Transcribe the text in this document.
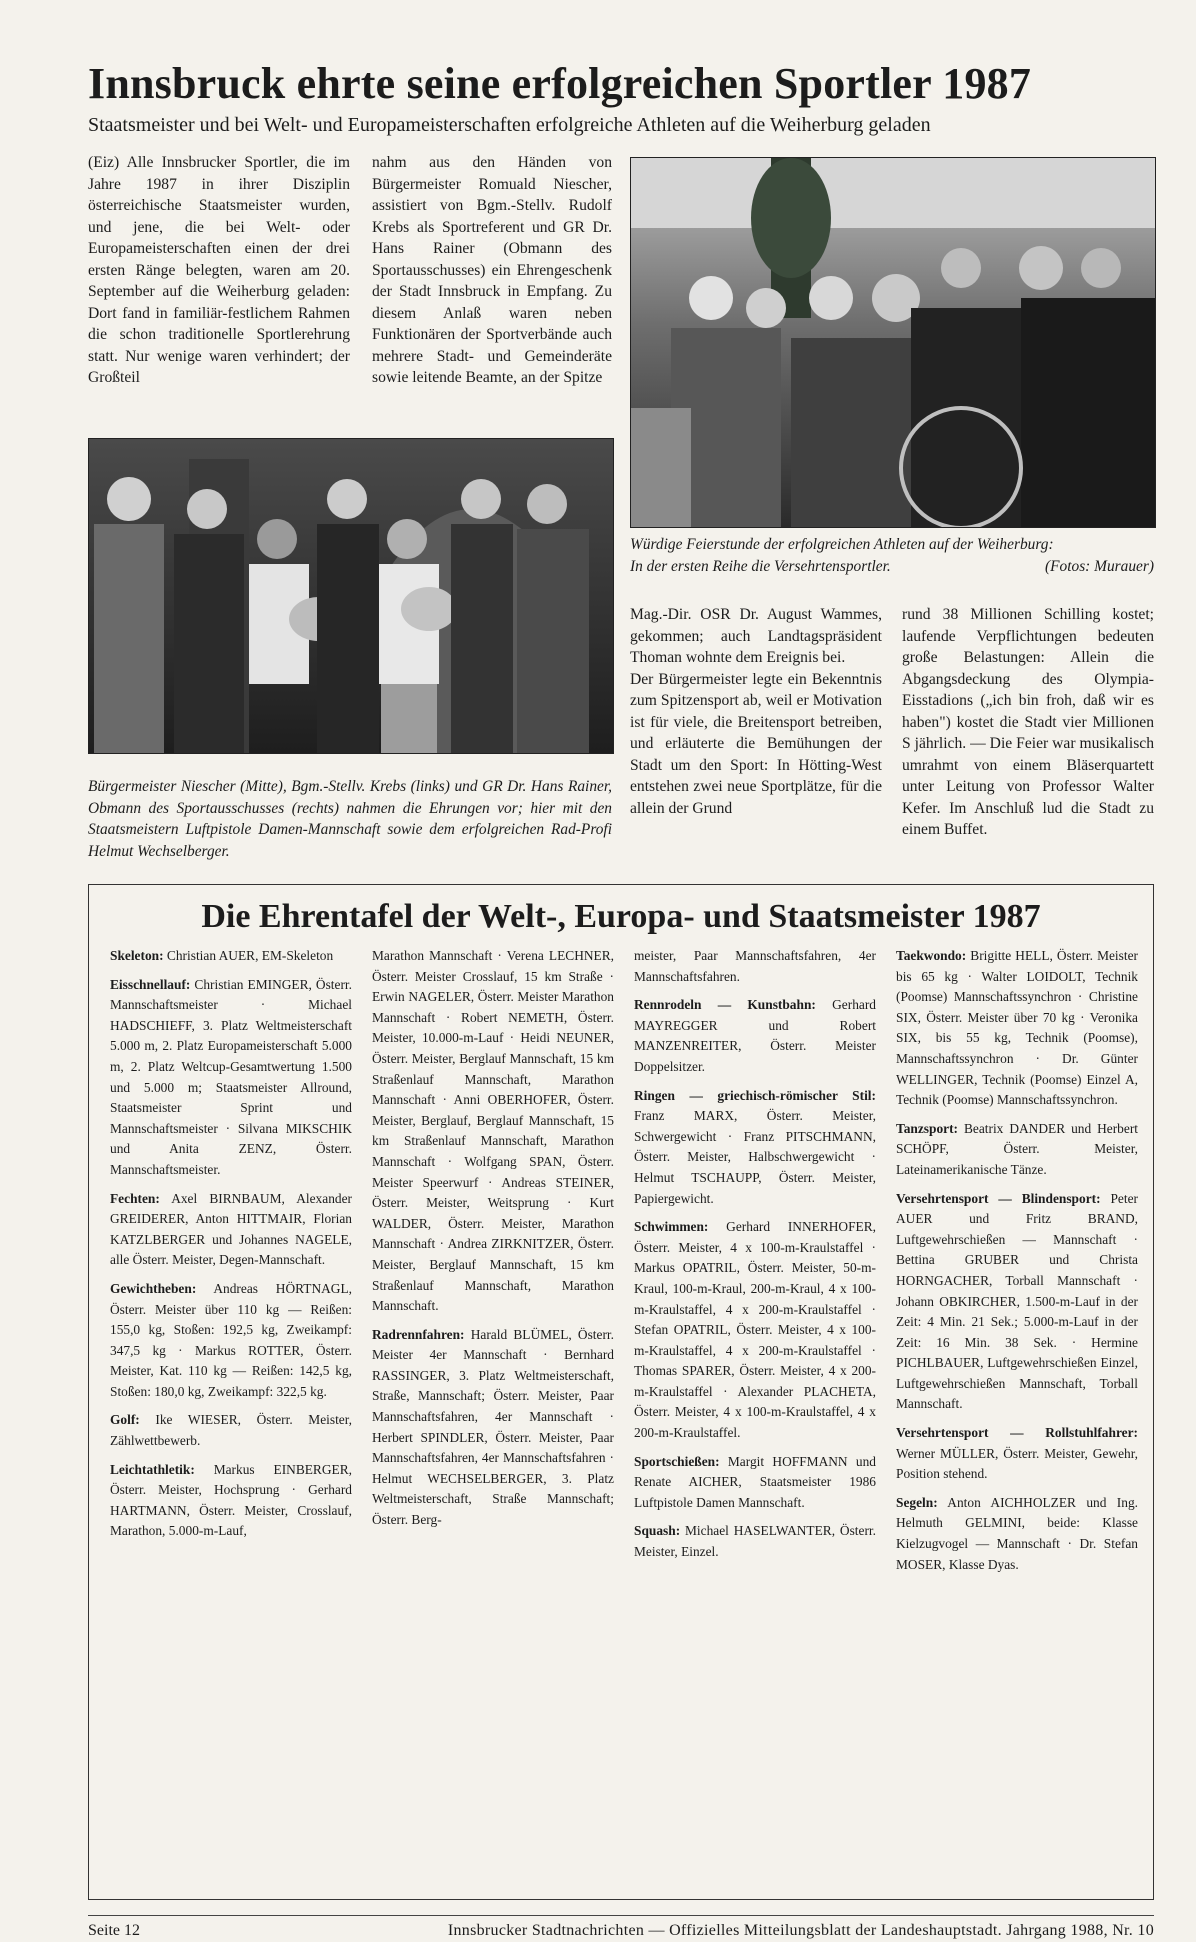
Innsbruck ehrte seine erfolgreichen Sportler 1987
Staatsmeister und bei Welt- und Europameisterschaften erfolgreiche Athleten auf die Weiherburg geladen

(Eiz) Alle Innsbrucker Sportler, die im Jahre 1987 in ihrer Disziplin österreichische Staatsmeister wurden, und jene, die bei Welt- oder Europameisterschaften einen der drei ersten Ränge belegten, waren am 20. September auf die Weiherburg geladen: Dort fand in familiär-festlichem Rahmen die schon traditionelle Sportlerehrung statt. Nur wenige waren verhindert; der Großteil

nahm aus den Händen von Bürgermeister Romuald Niescher, assistiert von Bgm.-Stellv. Rudolf Krebs als Sportreferent und GR Dr. Hans Rainer (Obmann des Sportausschusses) ein Ehrengeschenk der Stadt Innsbruck in Empfang. Zu diesem Anlaß waren neben Funktionären der Sportverbände auch mehrere Stadt- und Gemeinderäte sowie leitende Beamte, an der Spitze

Würdige Feierstunde der erfolgreichen Athleten auf der Weiherburg:
In der ersten Reihe die Versehrtensportler.	(Fotos: Murauer)
Bürgermeister Niescher (Mitte), Bgm.-Stellv. Krebs (links) und GR Dr. Hans Rainer, Obmann des Sportausschusses (rechts) nahmen die Ehrungen vor; hier mit den Staatsmeistern Luftpistole Damen-Mannschaft sowie dem erfolgreichen Rad-Profi Helmut Wechselberger.

Mag.-Dir. OSR Dr. August Wammes, gekommen; auch Landtagspräsident Thoman wohnte dem Ereignis bei.

Der Bürgermeister legte ein Bekenntnis zum Spitzensport ab, weil er Motivation ist für viele, die Breitensport betreiben, und erläuterte die Bemühungen der Stadt um den Sport: In Hötting-West entstehen zwei neue Sportplätze, für die allein der Grund

rund 38 Millionen Schilling kostet; laufende Verpflichtungen bedeuten große Belastungen: Allein die Abgangsdeckung des Olympia-Eisstadions („ich bin froh, daß wir es haben") kostet die Stadt vier Millionen S jährlich. — Die Feier war musikalisch umrahmt von einem Bläserquartett unter Leitung von Professor Walter Kefer. Im Anschluß lud die Stadt zu einem Buffet.

Die Ehrentafel der Welt-, Europa- und Staatsmeister 1987

Skeleton: Christian AUER, EM-Skeleton

Eisschnellauf: Christian EMINGER, Österr. Mannschaftsmeister · Michael HADSCHIEFF, 3. Platz Weltmeisterschaft 5.000 m, 2. Platz Europameisterschaft 5.000 m, 2. Platz Weltcup-Gesamtwertung 1.500 und 5.000 m; Staatsmeister Allround, Staatsmeister Sprint und Mannschaftsmeister · Silvana MIKSCHIK und Anita ZENZ, Österr. Mannschaftsmeister.

Fechten: Axel BIRNBAUM, Alexander GREIDERER, Anton HITTMAIR, Florian KATZLBERGER und Johannes NAGELE, alle Österr. Meister, Degen-Mannschaft.

Gewichtheben: Andreas HÖRTNAGL, Österr. Meister über 110 kg — Reißen: 155,0 kg, Stoßen: 192,5 kg, Zweikampf: 347,5 kg · Markus ROTTER, Österr. Meister, Kat. 110 kg — Reißen: 142,5 kg, Stoßen: 180,0 kg, Zweikampf: 322,5 kg.

Golf: Ike WIESER, Österr. Meister, Zählwettbewerb.

Leichtathletik: Markus EINBERGER, Österr. Meister, Hochsprung · Gerhard HARTMANN, Österr. Meister, Crosslauf, Marathon, 5.000-m-Lauf,

Marathon Mannschaft · Verena LECHNER, Österr. Meister Crosslauf, 15 km Straße · Erwin NAGELER, Österr. Meister Marathon Mannschaft · Robert NEMETH, Österr. Meister, 10.000-m-Lauf · Heidi NEUNER, Österr. Meister, Berglauf Mannschaft, 15 km Straßenlauf Mannschaft, Marathon Mannschaft · Anni OBERHOFER, Österr. Meister, Berglauf, Berglauf Mannschaft, 15 km Straßenlauf Mannschaft, Marathon Mannschaft · Wolfgang SPAN, Österr. Meister Speerwurf · Andreas STEINER, Österr. Meister, Weitsprung · Kurt WALDER, Österr. Meister, Marathon Mannschaft · Andrea ZIRKNITZER, Österr. Meister, Berglauf Mannschaft, 15 km Straßenlauf Mannschaft, Marathon Mannschaft.

Radrennfahren: Harald BLÜMEL, Österr. Meister 4er Mannschaft · Bernhard RASSINGER, 3. Platz Weltmeisterschaft, Straße, Mannschaft; Österr. Meister, Paar Mannschaftsfahren, 4er Mannschaft · Herbert SPINDLER, Österr. Meister, Paar Mannschaftsfahren, 4er Mannschaftsfahren · Helmut WECHSELBERGER, 3. Platz Weltmeisterschaft, Straße Mannschaft; Österr. Berg-

meister, Paar Mannschaftsfahren, 4er Mannschaftsfahren.

Rennrodeln — Kunstbahn: Gerhard MAYREGGER und Robert MANZENREITER, Österr. Meister Doppelsitzer.

Ringen — griechisch-römischer Stil: Franz MARX, Österr. Meister, Schwergewicht · Franz PITSCHMANN, Österr. Meister, Halbschwergewicht · Helmut TSCHAUPP, Österr. Meister, Papiergewicht.

Schwimmen: Gerhard INNERHOFER, Österr. Meister, 4 x 100-m-Kraulstaffel · Markus OPATRIL, Österr. Meister, 50-m-Kraul, 100-m-Kraul, 200-m-Kraul, 4 x 100-m-Kraulstaffel, 4 x 200-m-Kraulstaffel · Stefan OPATRIL, Österr. Meister, 4 x 100-m-Kraulstaffel, 4 x 200-m-Kraulstaffel · Thomas SPARER, Österr. Meister, 4 x 200-m-Kraulstaffel · Alexander PLACHETA, Österr. Meister, 4 x 100-m-Kraulstaffel, 4 x 200-m-Kraulstaffel.

Sportschießen: Margit HOFFMANN und Renate AICHER, Staatsmeister 1986 Luftpistole Damen Mannschaft.

Squash: Michael HASELWANTER, Österr. Meister, Einzel.

Taekwondo: Brigitte HELL, Österr. Meister bis 65 kg · Walter LOIDOLT, Technik (Poomse) Mannschaftssynchron · Christine SIX, Österr. Meister über 70 kg · Veronika SIX, bis 55 kg, Technik (Poomse), Mannschaftssynchron · Dr. Günter WELLINGER, Technik (Poomse) Einzel A, Technik (Poomse) Mannschaftssynchron.

Tanzsport: Beatrix DANDER und Herbert SCHÖPF, Österr. Meister, Lateinamerikanische Tänze.

Versehrtensport — Blindensport: Peter AUER und Fritz BRAND, Luftgewehrschießen — Mannschaft · Bettina GRUBER und Christa HORNGACHER, Torball Mannschaft · Johann OBKIRCHER, 1.500-m-Lauf in der Zeit: 4 Min. 21 Sek.; 5.000-m-Lauf in der Zeit: 16 Min. 38 Sek. · Hermine PICHLBAUER, Luftgewehrschießen Einzel, Luftgewehrschießen Mannschaft, Torball Mannschaft.

Versehrtensport — Rollstuhlfahrer: Werner MÜLLER, Österr. Meister, Gewehr, Position stehend.

Segeln: Anton AICHHOLZER und Ing. Helmuth GELMINI, beide: Klasse Kielzugvogel — Mannschaft · Dr. Stefan MOSER, Klasse Dyas.

Seite 12	Innsbrucker Stadtnachrichten — Offizielles Mitteilungsblatt der Landeshauptstadt. Jahrgang 1988, Nr. 10
